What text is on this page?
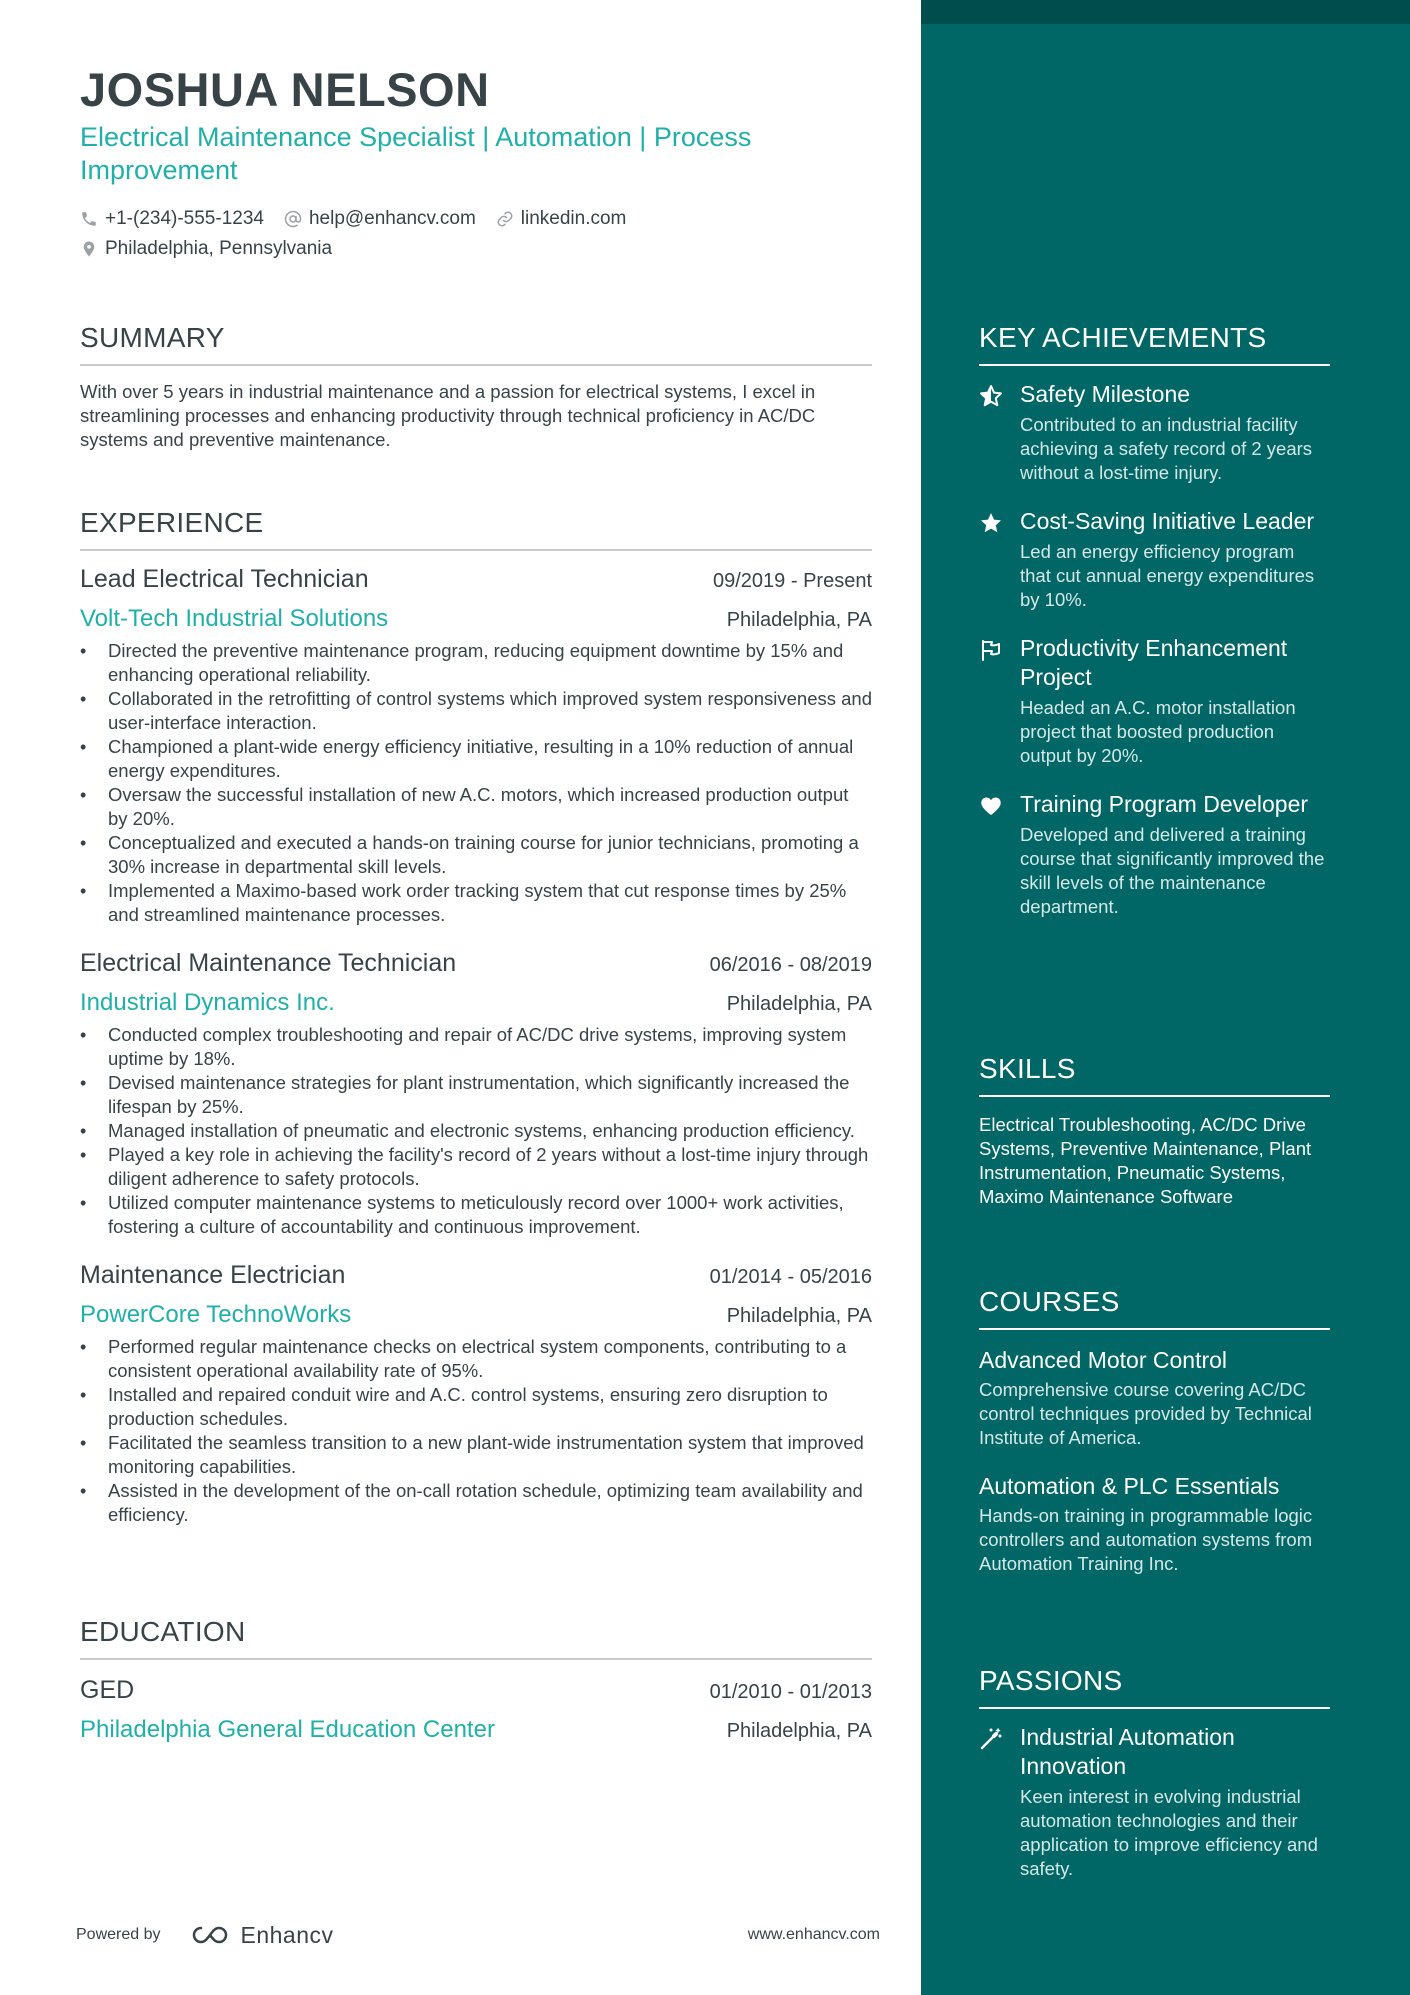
JOSHUA NELSON
Electrical Maintenance Specialist | Automation | Process Improvement
+1-(234)-555-1234 help@enhancv.com linkedin.com
Philadelphia, Pennsylvania
SUMMARY
With over 5 years in industrial maintenance and a passion for electrical systems, I excel in streamlining processes and enhancing productivity through technical proficiency in AC/DC systems and preventive maintenance.
EXPERIENCE
Lead Electrical Technician	09/2019 - Present
Volt-Tech Industrial Solutions	Philadelphia, PA
• Directed the preventive maintenance program, reducing equipment downtime by 15% and enhancing operational reliability.
• Collaborated in the retrofitting of control systems which improved system responsiveness and user-interface interaction.
• Championed a plant-wide energy efficiency initiative, resulting in a 10% reduction of annual energy expenditures.
• Oversaw the successful installation of new A.C. motors, which increased production output by 20%.
• Conceptualized and executed a hands-on training course for junior technicians, promoting a 30% increase in departmental skill levels.
• Implemented a Maximo-based work order tracking system that cut response times by 25% and streamlined maintenance processes.
Electrical Maintenance Technician	06/2016 - 08/2019
Industrial Dynamics Inc.	Philadelphia, PA
• Conducted complex troubleshooting and repair of AC/DC drive systems, improving system uptime by 18%.
• Devised maintenance strategies for plant instrumentation, which significantly increased the lifespan by 25%.
• Managed installation of pneumatic and electronic systems, enhancing production efficiency.
• Played a key role in achieving the facility's record of 2 years without a lost-time injury through diligent adherence to safety protocols.
• Utilized computer maintenance systems to meticulously record over 1000+ work activities, fostering a culture of accountability and continuous improvement.
Maintenance Electrician	01/2014 - 05/2016
PowerCore TechnoWorks	Philadelphia, PA
• Performed regular maintenance checks on electrical system components, contributing to a consistent operational availability rate of 95%.
• Installed and repaired conduit wire and A.C. control systems, ensuring zero disruption to production schedules.
• Facilitated the seamless transition to a new plant-wide instrumentation system that improved monitoring capabilities.
• Assisted in the development of the on-call rotation schedule, optimizing team availability and efficiency.
EDUCATION
GED	01/2010 - 01/2013
Philadelphia General Education Center	Philadelphia, PA
Powered by	Enhancv	www.enhancv.com
KEY ACHIEVEMENTS
Safety Milestone
Contributed to an industrial facility achieving a safety record of 2 years without a lost-time injury.
Cost-Saving Initiative Leader
Led an energy efficiency program that cut annual energy expenditures by 10%.
Productivity Enhancement Project
Headed an A.C. motor installation project that boosted production output by 20%.
Training Program Developer
Developed and delivered a training course that significantly improved the skill levels of the maintenance department.
SKILLS
Electrical Troubleshooting, AC/DC Drive Systems, Preventive Maintenance, Plant Instrumentation, Pneumatic Systems, Maximo Maintenance Software
COURSES
Advanced Motor Control
Comprehensive course covering AC/DC control techniques provided by Technical Institute of America.
Automation & PLC Essentials
Hands-on training in programmable logic controllers and automation systems from Automation Training Inc.
PASSIONS
Industrial Automation Innovation
Keen interest in evolving industrial automation technologies and their application to improve efficiency and safety.
